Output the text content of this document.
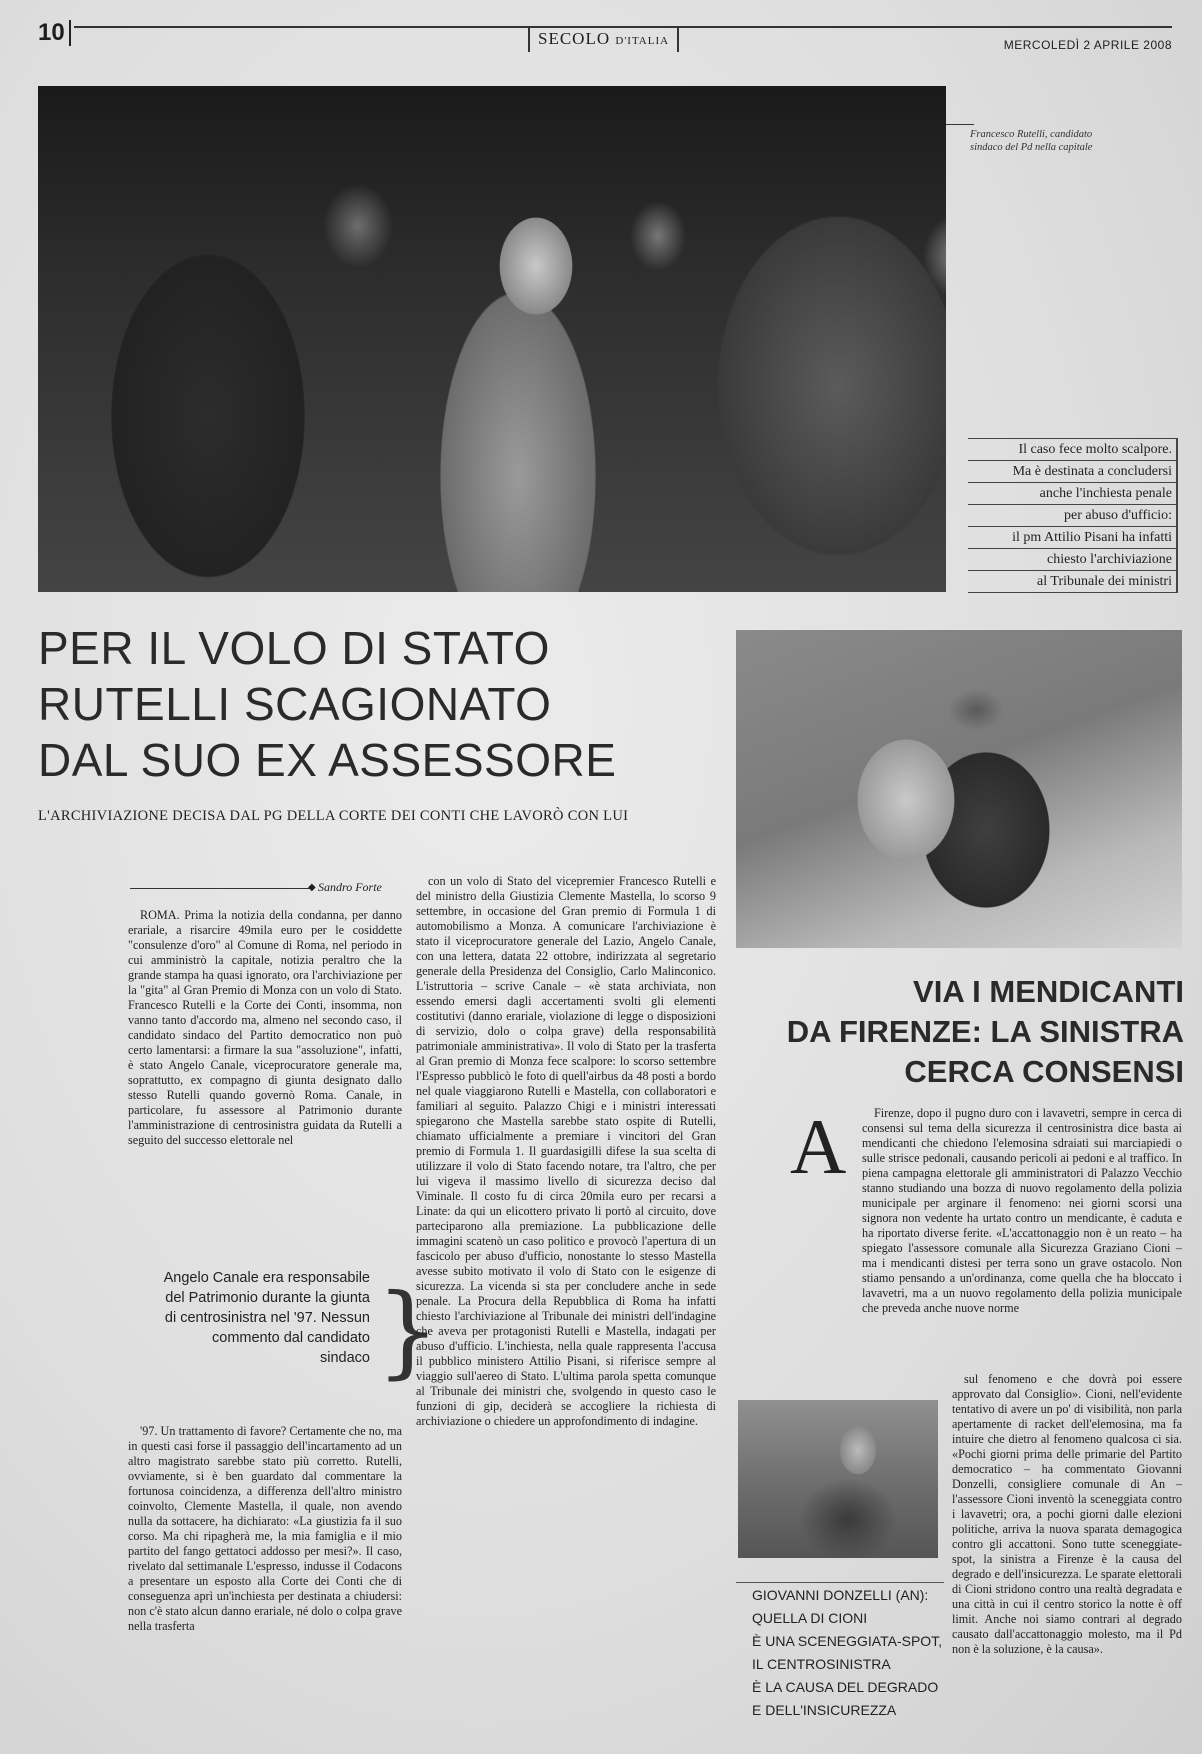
10	SECOLO D'ITALIA	MERCOLEDÌ 2 APRILE 2008
Francesco Rutelli, candidato sindaco del Pd nella capitale
Il caso fece molto scalpore.
Ma è destinata a concludersi
anche l'inchiesta penale
per abuso d'ufficio:
il pm Attilio Pisani ha infatti
chiesto l'archiviazione
al Tribunale dei ministri
PER IL VOLO DI STATO
RUTELLI SCAGIONATO
DAL SUO EX ASSESSORE
L'ARCHIVIAZIONE DECISA DAL PG DELLA CORTE DEI CONTI CHE LAVORÒ CON LUI
◆ Sandro Forte

ROMA. Prima la notizia della condanna, per danno erariale, a risarcire 49mila euro per le cosiddette "consulenze d'oro" al Comune di Roma, nel periodo in cui amministrò la capitale, notizia peraltro che la grande stampa ha quasi ignorato, ora l'archiviazione per la "gita" al Gran Premio di Monza con un volo di Stato. Francesco Rutelli e la Corte dei Conti, insomma, non vanno tanto d'accordo ma, almeno nel secondo caso, il candidato sindaco del Partito democratico non può certo lamentarsi: a firmare la sua "assoluzione", infatti, è stato Angelo Canale, viceprocuratore generale ma, soprattutto, ex compagno di giunta designato dallo stesso Rutelli quando governò Roma. Canale, in particolare, fu assessore al Patrimonio durante l'amministrazione di centrosinistra guidata da Rutelli a seguito del successo elettorale nel

Angelo Canale era responsabile del Patrimonio durante la giunta di centrosinistra nel '97. Nessun commento dal candidato sindaco }

'97. Un trattamento di favore? Certamente che no, ma in questi casi forse il passaggio dell'incartamento ad un altro magistrato sarebbe stato più corretto. Rutelli, ovviamente, si è ben guardato dal commentare la fortunosa coincidenza, a differenza dell'altro ministro coinvolto, Clemente Mastella, il quale, non avendo nulla da sottacere, ha dichiarato: «La giustizia fa il suo corso. Ma chi ripagherà me, la mia famiglia e il mio partito del fango gettatoci addosso per mesi?». Il caso, rivelato dal settimanale L'espresso, indusse il Codacons a presentare un esposto alla Corte dei Conti che di conseguenza aprì un'inchiesta per destinata a chiudersi: non c'è stato alcun danno erariale, né dolo o colpa grave nella trasferta

con un volo di Stato del vicepremier Francesco Rutelli e del ministro della Giustizia Clemente Mastella, lo scorso 9 settembre, in occasione del Gran premio di Formula 1 di automobilismo a Monza. A comunicare l'archiviazione è stato il viceprocuratore generale del Lazio, Angelo Canale, con una lettera, datata 22 ottobre, indirizzata al segretario generale della Presidenza del Consiglio, Carlo Malinconico. L'istruttoria – scrive Canale – «è stata archiviata, non essendo emersi dagli accertamenti svolti gli elementi costitutivi (danno erariale, violazione di legge o disposizioni di servizio, dolo o colpa grave) della responsabilità patrimoniale amministrativa». Il volo di Stato per la trasferta al Gran premio di Monza fece scalpore: lo scorso settembre l'Espresso pubblicò le foto di quell'airbus da 48 posti a bordo nel quale viaggiarono Rutelli e Mastella, con collaboratori e familiari al seguito. Palazzo Chigi e i ministri interessati spiegarono che Mastella sarebbe stato ospite di Rutelli, chiamato ufficialmente a premiare i vincitori del Gran premio di Formula 1. Il guardasigilli difese la sua scelta di utilizzare il volo di Stato facendo notare, tra l'altro, che per lui vigeva il massimo livello di sicurezza deciso dal Viminale. Il costo fu di circa 20mila euro per recarsi a Linate: da qui un elicottero privato li portò al circuito, dove parteciparono alla premiazione. La pubblicazione delle immagini scatenò un caso politico e provocò l'apertura di un fascicolo per abuso d'ufficio, nonostante lo stesso Mastella avesse subito motivato il volo di Stato con le esigenze di sicurezza. La vicenda si sta per concludere anche in sede penale. La Procura della Repubblica di Roma ha infatti chiesto l'archiviazione al Tribunale dei ministri dell'indagine che aveva per protagonisti Rutelli e Mastella, indagati per abuso d'ufficio. L'inchiesta, nella quale rappresenta l'accusa il pubblico ministero Attilio Pisani, si riferisce sempre al viaggio sull'aereo di Stato. L'ultima parola spetta comunque al Tribunale dei ministri che, svolgendo in questo caso le funzioni di gip, deciderà se accogliere la richiesta di archiviazione o chiedere un approfondimento di indagine.

VIA I MENDICANTI
DA FIRENZE: LA SINISTRA
CERCA CONSENSI
A	Firenze, dopo il pugno duro con i lavavetri, sempre in cerca di consensi sul tema della sicurezza il centrosinistra dice basta ai mendicanti che chiedono l'elemosina sdraiati sui marciapiedi o sulle strisce pedonali, causando pericoli ai pedoni e al traffico. In piena campagna elettorale gli amministratori di Palazzo Vecchio stanno studiando una bozza di nuovo regolamento della polizia municipale per arginare il fenomeno: nei giorni scorsi una signora non vedente ha urtato contro un mendicante, è caduta e ha riportato diverse ferite. «L'accattonaggio non è un reato – ha spiegato l'assessore comunale alla Sicurezza Graziano Cioni – ma i mendicanti distesi per terra sono un grave ostacolo. Non stiamo pensando a un'ordinanza, come quella che ha bloccato i lavavetri, ma a un nuovo regolamento della polizia municipale che preveda anche nuove norme

sul fenomeno e che dovrà poi essere approvato dal Consiglio». Cioni, nell'evidente tentativo di avere un po' di visibilità, non parla apertamente di racket dell'elemosina, ma fa intuire che dietro al fenomeno qualcosa ci sia. «Pochi giorni prima delle primarie del Partito democratico – ha commentato Giovanni Donzelli, consigliere comunale di An – l'assessore Cioni inventò la sceneggiata contro i lavavetri; ora, a pochi giorni dalle elezioni politiche, arriva la nuova sparata demagogica contro gli accattoni. Sono tutte sceneggiate-spot, la sinistra a Firenze è la causa del degrado e dell'insicurezza. Le sparate elettorali di Cioni stridono contro una realtà degradata e una città in cui il centro storico la notte è off limit. Anche noi siamo contrari al degrado causato dall'accattonaggio molesto, ma il Pd non è la soluzione, è la causa».

GIOVANNI DONZELLI (AN):
QUELLA DI CIONI
È UNA SCENEGGIATA-SPOT,
IL CENTROSINISTRA
È LA CAUSA DEL DEGRADO
E DELL'INSICUREZZA
